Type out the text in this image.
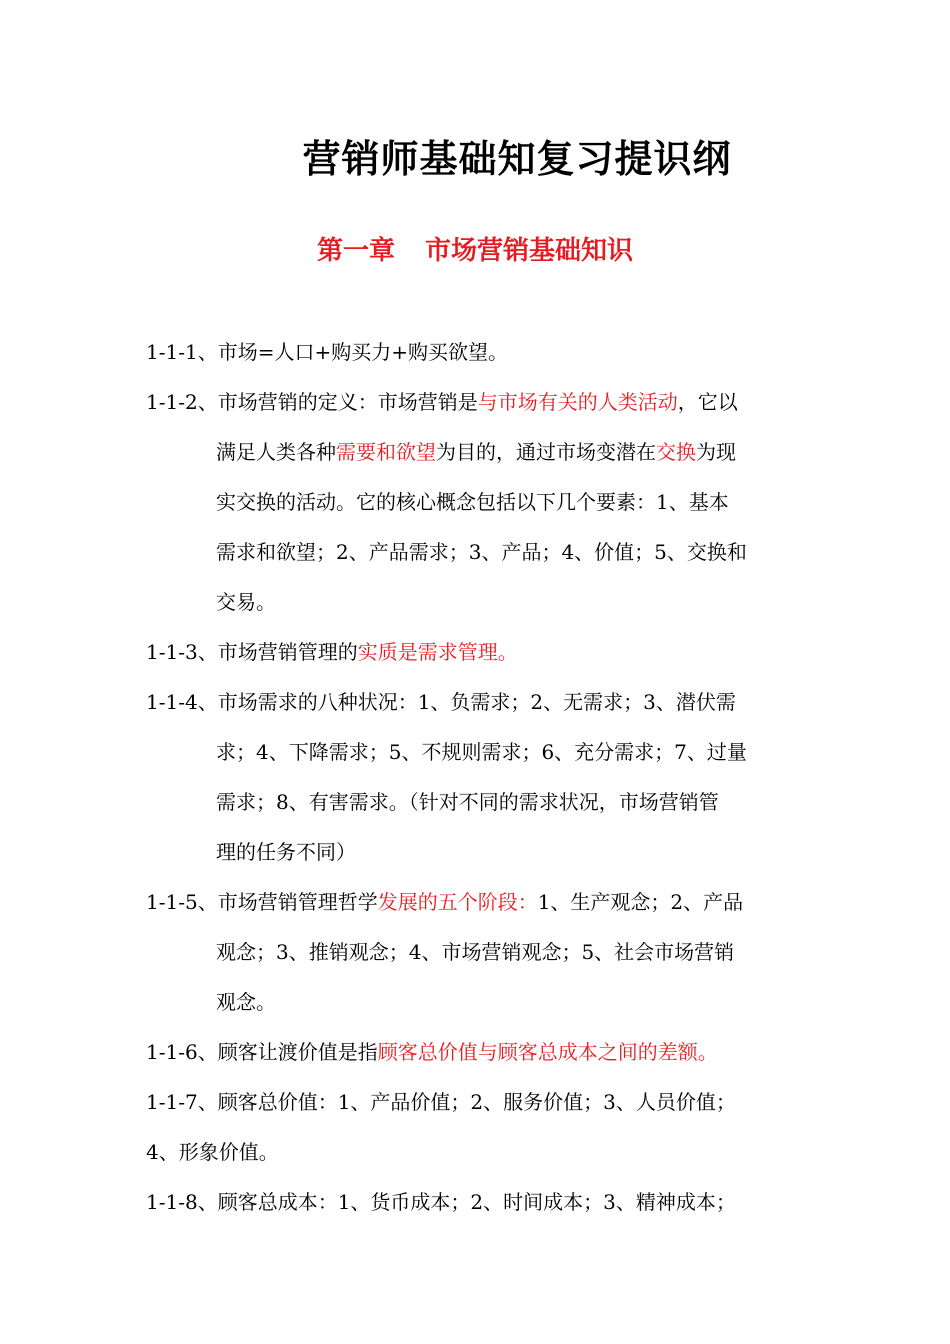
营销师基础知复习提识纲
第一章 市场营销基础知识
1-1-1、市场=人口+购买力+购买欲望。
1-1-2、市场营销的定义：市场营销是与市场有关的人类活动，它以
满足人类各种需要和欲望为目的，通过市场变潜在交换为现
实交换的活动。它的核心概念包括以下几个要素：1、基本
需求和欲望；2、产品需求；3、产品；4、价值；5、交换和
交易。
1-1-3、市场营销管理的实质是需求管理。
1-1-4、市场需求的八种状况：1、负需求；2、无需求；3、潜伏需
求；4、下降需求；5、不规则需求；6、充分需求；7、过量
需求；8、有害需求。（针对不同的需求状况，市场营销管
理的任务不同）
1-1-5、市场营销管理哲学发展的五个阶段：1、生产观念；2、产品
观念；3、推销观念；4、市场营销观念；5、社会市场营销
观念。
1-1-6、顾客让渡价值是指顾客总价值与顾客总成本之间的差额。
1-1-7、顾客总价值：1、产品价值；2、服务价值；3、人员价值；
4、形象价值。
1-1-8、顾客总成本：1、货币成本；2、时间成本；3、精神成本；
